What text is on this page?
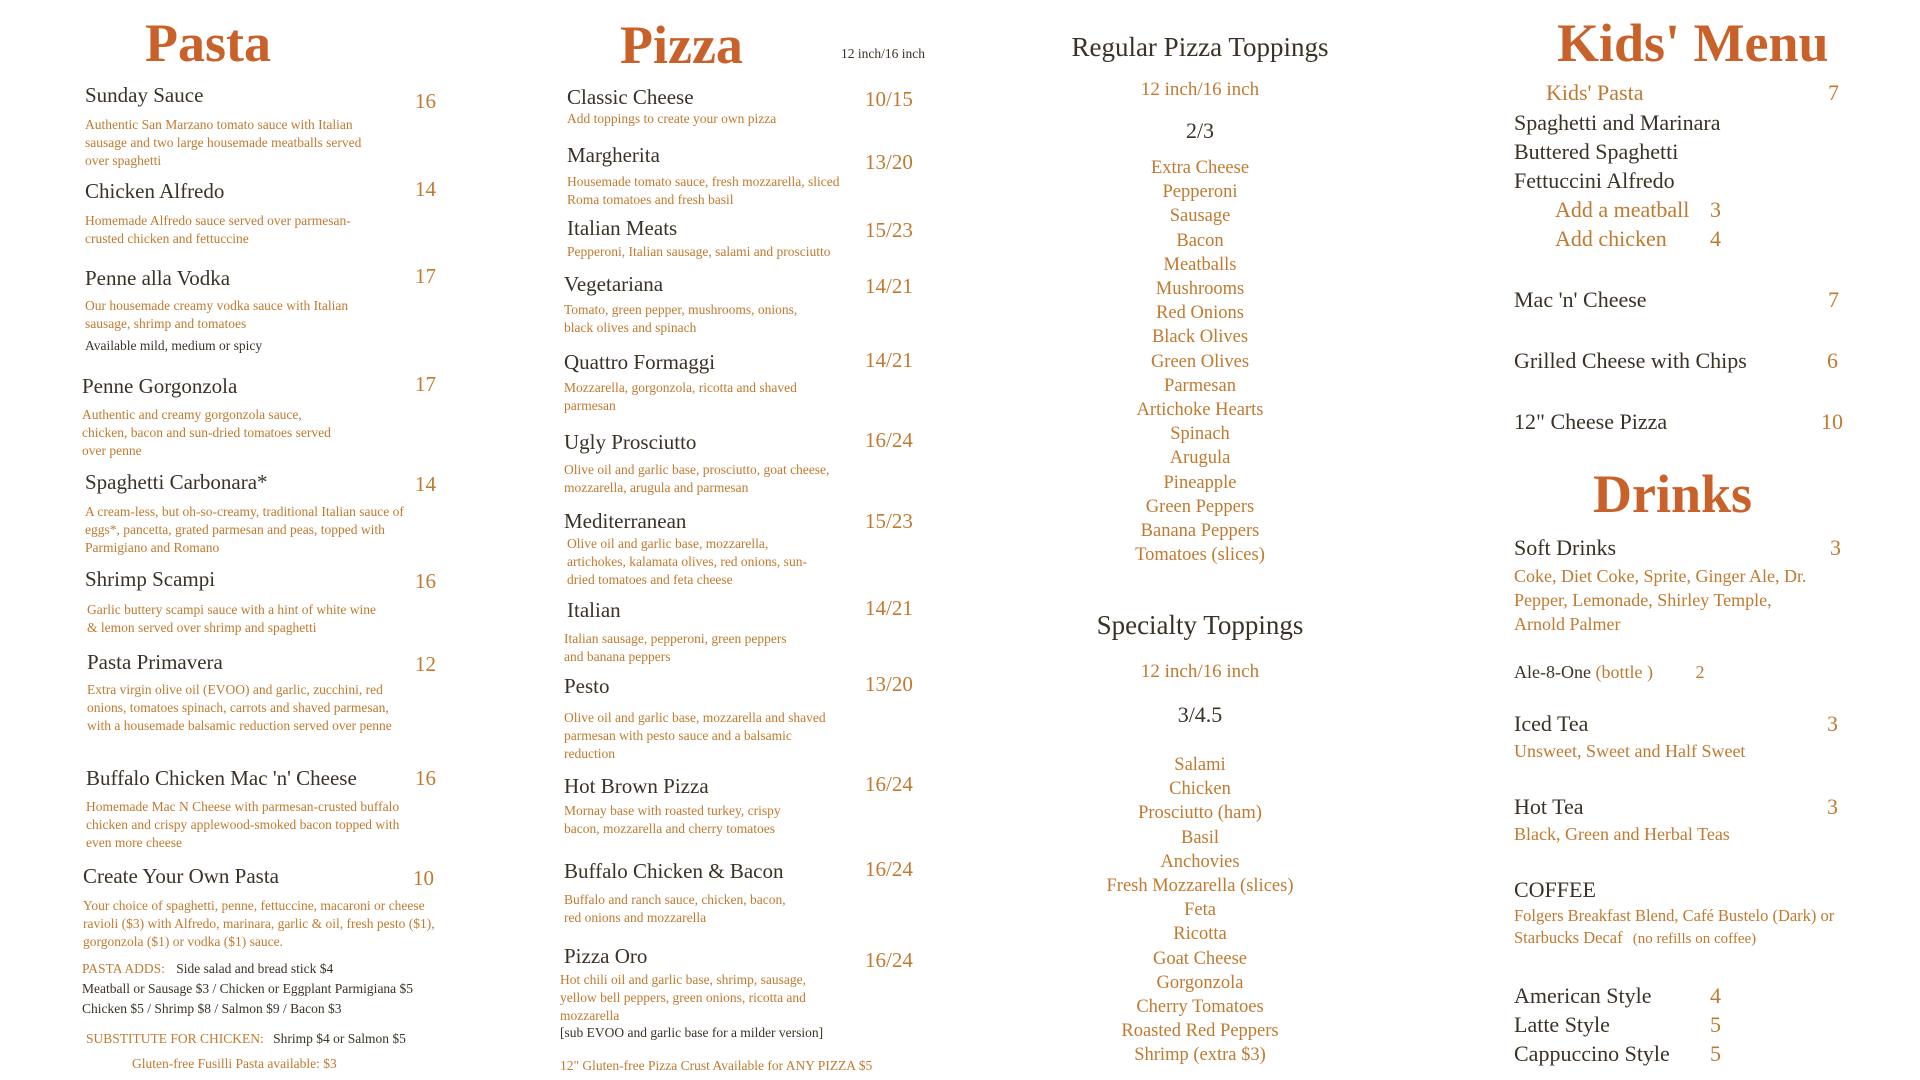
Pasta
Sunday Sauce	16
Authentic San Marzano tomato sauce with Italian sausage and two large housemade meatballs served over spaghetti
Chicken Alfredo	14
Homemade Alfredo sauce served over parmesan-crusted chicken and fettuccine
Penne alla Vodka	17
Our housemade creamy vodka sauce with Italian sausage, shrimp and tomatoes
Available mild, medium or spicy
Penne Gorgonzola	17
Authentic and creamy gorgonzola sauce, chicken, bacon and sun-dried tomatoes served over penne
Spaghetti Carbonara*	14
A cream-less, but oh-so-creamy, traditional Italian sauce of eggs*, pancetta, grated parmesan and peas, topped with Parmigiano and Romano
Shrimp Scampi	16
Garlic buttery scampi sauce with a hint of white wine & lemon served over shrimp and spaghetti
Pasta Primavera	12
Extra virgin olive oil (EVOO) and garlic, zucchini, red onions, tomatoes spinach, carrots and shaved parmesan, with a housemade balsamic reduction served over penne
Buffalo Chicken Mac 'n' Cheese	16
Homemade Mac N Cheese with parmesan-crusted buffalo chicken and crispy applewood-smoked bacon topped with even more cheese
Create Your Own Pasta	10
Your choice of spaghetti, penne, fettuccine, macaroni or cheese ravioli ($3) with Alfredo, marinara, garlic & oil, fresh pesto ($1), gorgonzola ($1) or vodka ($1) sauce.
PASTA ADDS: Side salad and bread stick $4
Meatball or Sausage $3 / Chicken or Eggplant Parmigiana $5
Chicken $5 / Shrimp $8 / Salmon $9 / Bacon $3
SUBSTITUTE FOR CHICKEN: Shrimp $4 or Salmon $5
Gluten-free Fusilli Pasta available: $3
Pizza	12 inch/16 inch
Classic Cheese	10/15
Add toppings to create your own pizza
Margherita	13/20
Housemade tomato sauce, fresh mozzarella, sliced Roma tomatoes and fresh basil
Italian Meats	15/23
Pepperoni, Italian sausage, salami and prosciutto
Vegetariana	14/21
Tomato, green pepper, mushrooms, onions, black olives and spinach
Quattro Formaggi	14/21
Mozzarella, gorgonzola, ricotta and shaved parmesan
Ugly Prosciutto	16/24
Olive oil and garlic base, prosciutto, goat cheese, mozzarella, arugula and parmesan
Mediterranean	15/23
Olive oil and garlic base, mozzarella, artichokes, kalamata olives, red onions, sun-dried tomatoes and feta cheese
Italian	14/21
Italian sausage, pepperoni, green peppers and banana peppers
Pesto	13/20
Olive oil and garlic base, mozzarella and shaved parmesan with pesto sauce and a balsamic reduction
Hot Brown Pizza	16/24
Mornay base with roasted turkey, crispy bacon, mozzarella and cherry tomatoes
Buffalo Chicken & Bacon	16/24
Buffalo and ranch sauce, chicken, bacon, red onions and mozzarella
Pizza Oro	16/24
Hot chili oil and garlic base, shrimp, sausage, yellow bell peppers, green onions, ricotta and mozzarella
[sub EVOO and garlic base for a milder version]
12" Gluten-free Pizza Crust Available for ANY PIZZA $5
Regular Pizza Toppings
12 inch/16 inch
2/3
Extra Cheese
Pepperoni
Sausage
Bacon
Meatballs
Mushrooms
Red Onions
Black Olives
Green Olives
Parmesan
Artichoke Hearts
Spinach
Arugula
Pineapple
Green Peppers
Banana Peppers
Tomatoes (slices)
Specialty Toppings
12 inch/16 inch
3/4.5
Salami
Chicken
Prosciutto (ham)
Basil
Anchovies
Fresh Mozzarella (slices)
Feta
Ricotta
Goat Cheese
Gorgonzola
Cherry Tomatoes
Roasted Red Peppers
Shrimp (extra $3)
Kids' Menu
Kids' Pasta	7
Spaghetti and Marinara
Buttered Spaghetti
Fettuccini Alfredo
Add a meatball 3
Add chicken 4
Mac 'n' Cheese	7
Grilled Cheese with Chips	6
12" Cheese Pizza	10
Drinks
Soft Drinks	3
Coke, Diet Coke, Sprite, Ginger Ale, Dr. Pepper, Lemonade, Shirley Temple, Arnold Palmer
Ale-8-One (bottle ) 2
Iced Tea	3
Unsweet, Sweet and Half Sweet
Hot Tea	3
Black, Green and Herbal Teas
COFFEE
Folgers Breakfast Blend, Café Bustelo (Dark) or Starbucks Decaf (no refills on coffee)
American Style	4
Latte Style	5
Cappuccino Style 5
